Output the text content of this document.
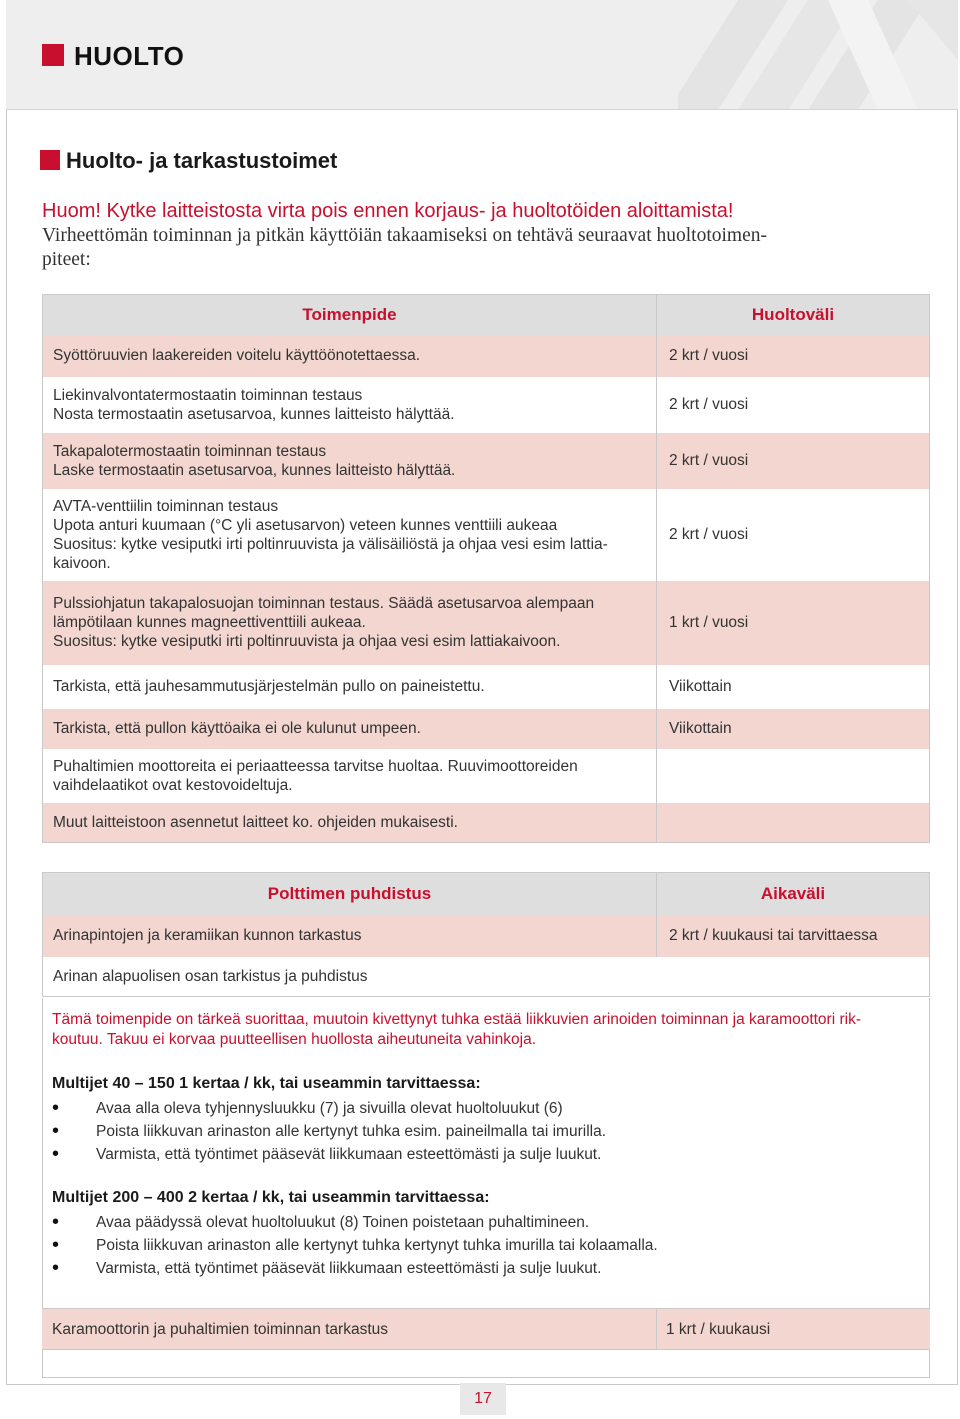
HUOLTO
Huolto- ja tarkastustoimet
Huom! Kytke laitteistosta virta pois ennen korjaus- ja huoltotöiden aloittamista!
Virheettömän toiminnan ja pitkän käyttöiän takaamiseksi on tehtävä seuraavat huoltotoimen-
piteet:
Toimenpide	Huoltoväli
Syöttöruuvien laakereiden voitelu käyttöönotettaessa.	2 krt / vuosi
Liekinvalvontatermostaatin toiminnan testaus
Nosta termostaatin asetusarvoa, kunnes laitteisto hälyttää.	2 krt / vuosi
Takapalotermostaatin toiminnan testaus
Laske termostaatin asetusarvoa, kunnes laitteisto hälyttää.	2 krt / vuosi
AVTA-venttiilin toiminnan testaus
Upota anturi kuumaan (°C yli asetusarvon) veteen kunnes venttiili aukeaa
Suositus: kytke vesiputki irti poltinruuvista ja välisäiliöstä ja ohjaa vesi esim lattia-
kaivoon.	2 krt / vuosi
Pulssiohjatun takapalosuojan toiminnan testaus. Säädä asetusarvoa alempaan
lämpötilaan kunnes magneettiventtiili aukeaa.
Suositus: kytke vesiputki irti poltinruuvista ja ohjaa vesi esim lattiakaivoon.	1 krt / vuosi
Tarkista, että jauhesammutusjärjestelmän pullo on paineistettu.	Viikottain
Tarkista, että pullon käyttöaika ei ole kulunut umpeen.	Viikottain
Puhaltimien moottoreita ei periaatteessa tarvitse huoltaa. Ruuvimoottoreiden
vaihdelaatikot ovat kestovoideltuja.	
Muut laitteistoon asennetut laitteet ko. ohjeiden mukaisesti.	
Polttimen puhdistus	Aikaväli
Arinapintojen ja keramiikan kunnon tarkastus	2 krt / kuukausi tai tarvittaessa
Arinan alapuolisen osan tarkistus ja puhdistus	
Tämä toimenpide on tärkeä suorittaa, muutoin kivettynyt tuhka estää liikkuvien arinoiden toiminnan ja karamoottori rik-
koutuu. Takuu ei korvaa puutteellisen huollosta aiheutuneita vahinkoja.
Multijet 40 – 150 1 kertaa / kk, tai useammin tarvittaessa:
• Avaa alla oleva tyhjennysluukku (7) ja sivuilla olevat huoltoluukut (6)
• Poista liikkuvan arinaston alle kertynyt tuhka esim. paineilmalla tai imurilla.
• Varmista, että työntimet pääsevät liikkumaan esteettömästi ja sulje luukut.
Multijet 200 – 400 2 kertaa / kk, tai useammin tarvittaessa:
• Avaa päädyssä olevat huoltoluukut (8) Toinen poistetaan puhaltimineen.
• Poista liikkuvan arinaston alle kertynyt tuhka kertynyt tuhka imurilla tai kolaamalla.
• Varmista, että työntimet pääsevät liikkumaan esteettömästi ja sulje luukut.
Karamoottorin ja puhaltimien toiminnan tarkastus	1 krt / kuukausi
17
